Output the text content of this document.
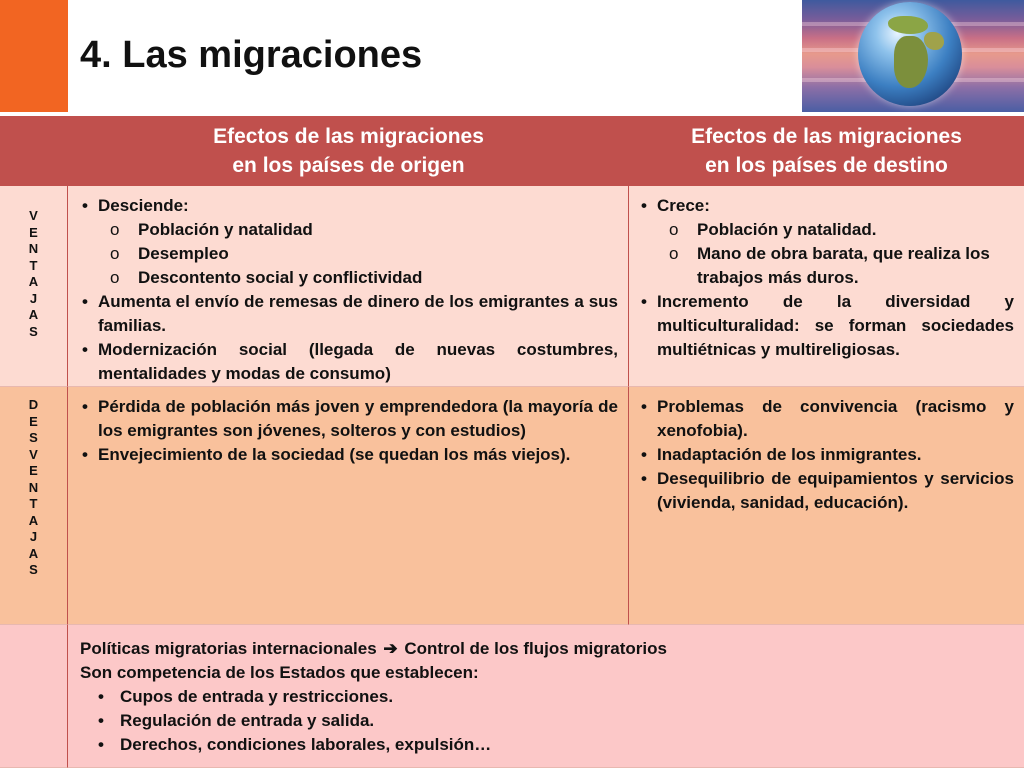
4. Las migraciones
Efectos de las migraciones
en los países de origen
Efectos de las migraciones
en los países de destino
V
E
N
T
A
J
A
S
• Desciende:
o Población y natalidad
o Desempleo
o Descontento social y conflictividad
• Aumenta el envío de remesas de dinero de los emigrantes a sus familias.
• Modernización social (llegada de nuevas costumbres, mentalidades y modas de consumo)
• Crece:
o Población y natalidad.
o Mano de obra barata, que realiza los trabajos más duros.
• Incremento de la diversidad y multiculturalidad: se forman sociedades multiétnicas y multireligiosas.
D
E
S
V
E
N
T
A
J
A
S
• Pérdida de población más joven y emprendedora (la mayoría de los emigrantes son jóvenes, solteros y con estudios)
• Envejecimiento de la sociedad (se quedan los más viejos).
• Problemas de convivencia (racismo y xenofobia).
• Inadaptación de los inmigrantes.
• Desequilibrio de equipamientos y servicios (vivienda, sanidad, educación).
Políticas migratorias internacionales ➔ Control de los flujos migratorios
Son competencia de los Estados que establecen:
• Cupos de entrada y restricciones.
• Regulación de entrada y salida.
• Derechos, condiciones laborales, expulsión…
